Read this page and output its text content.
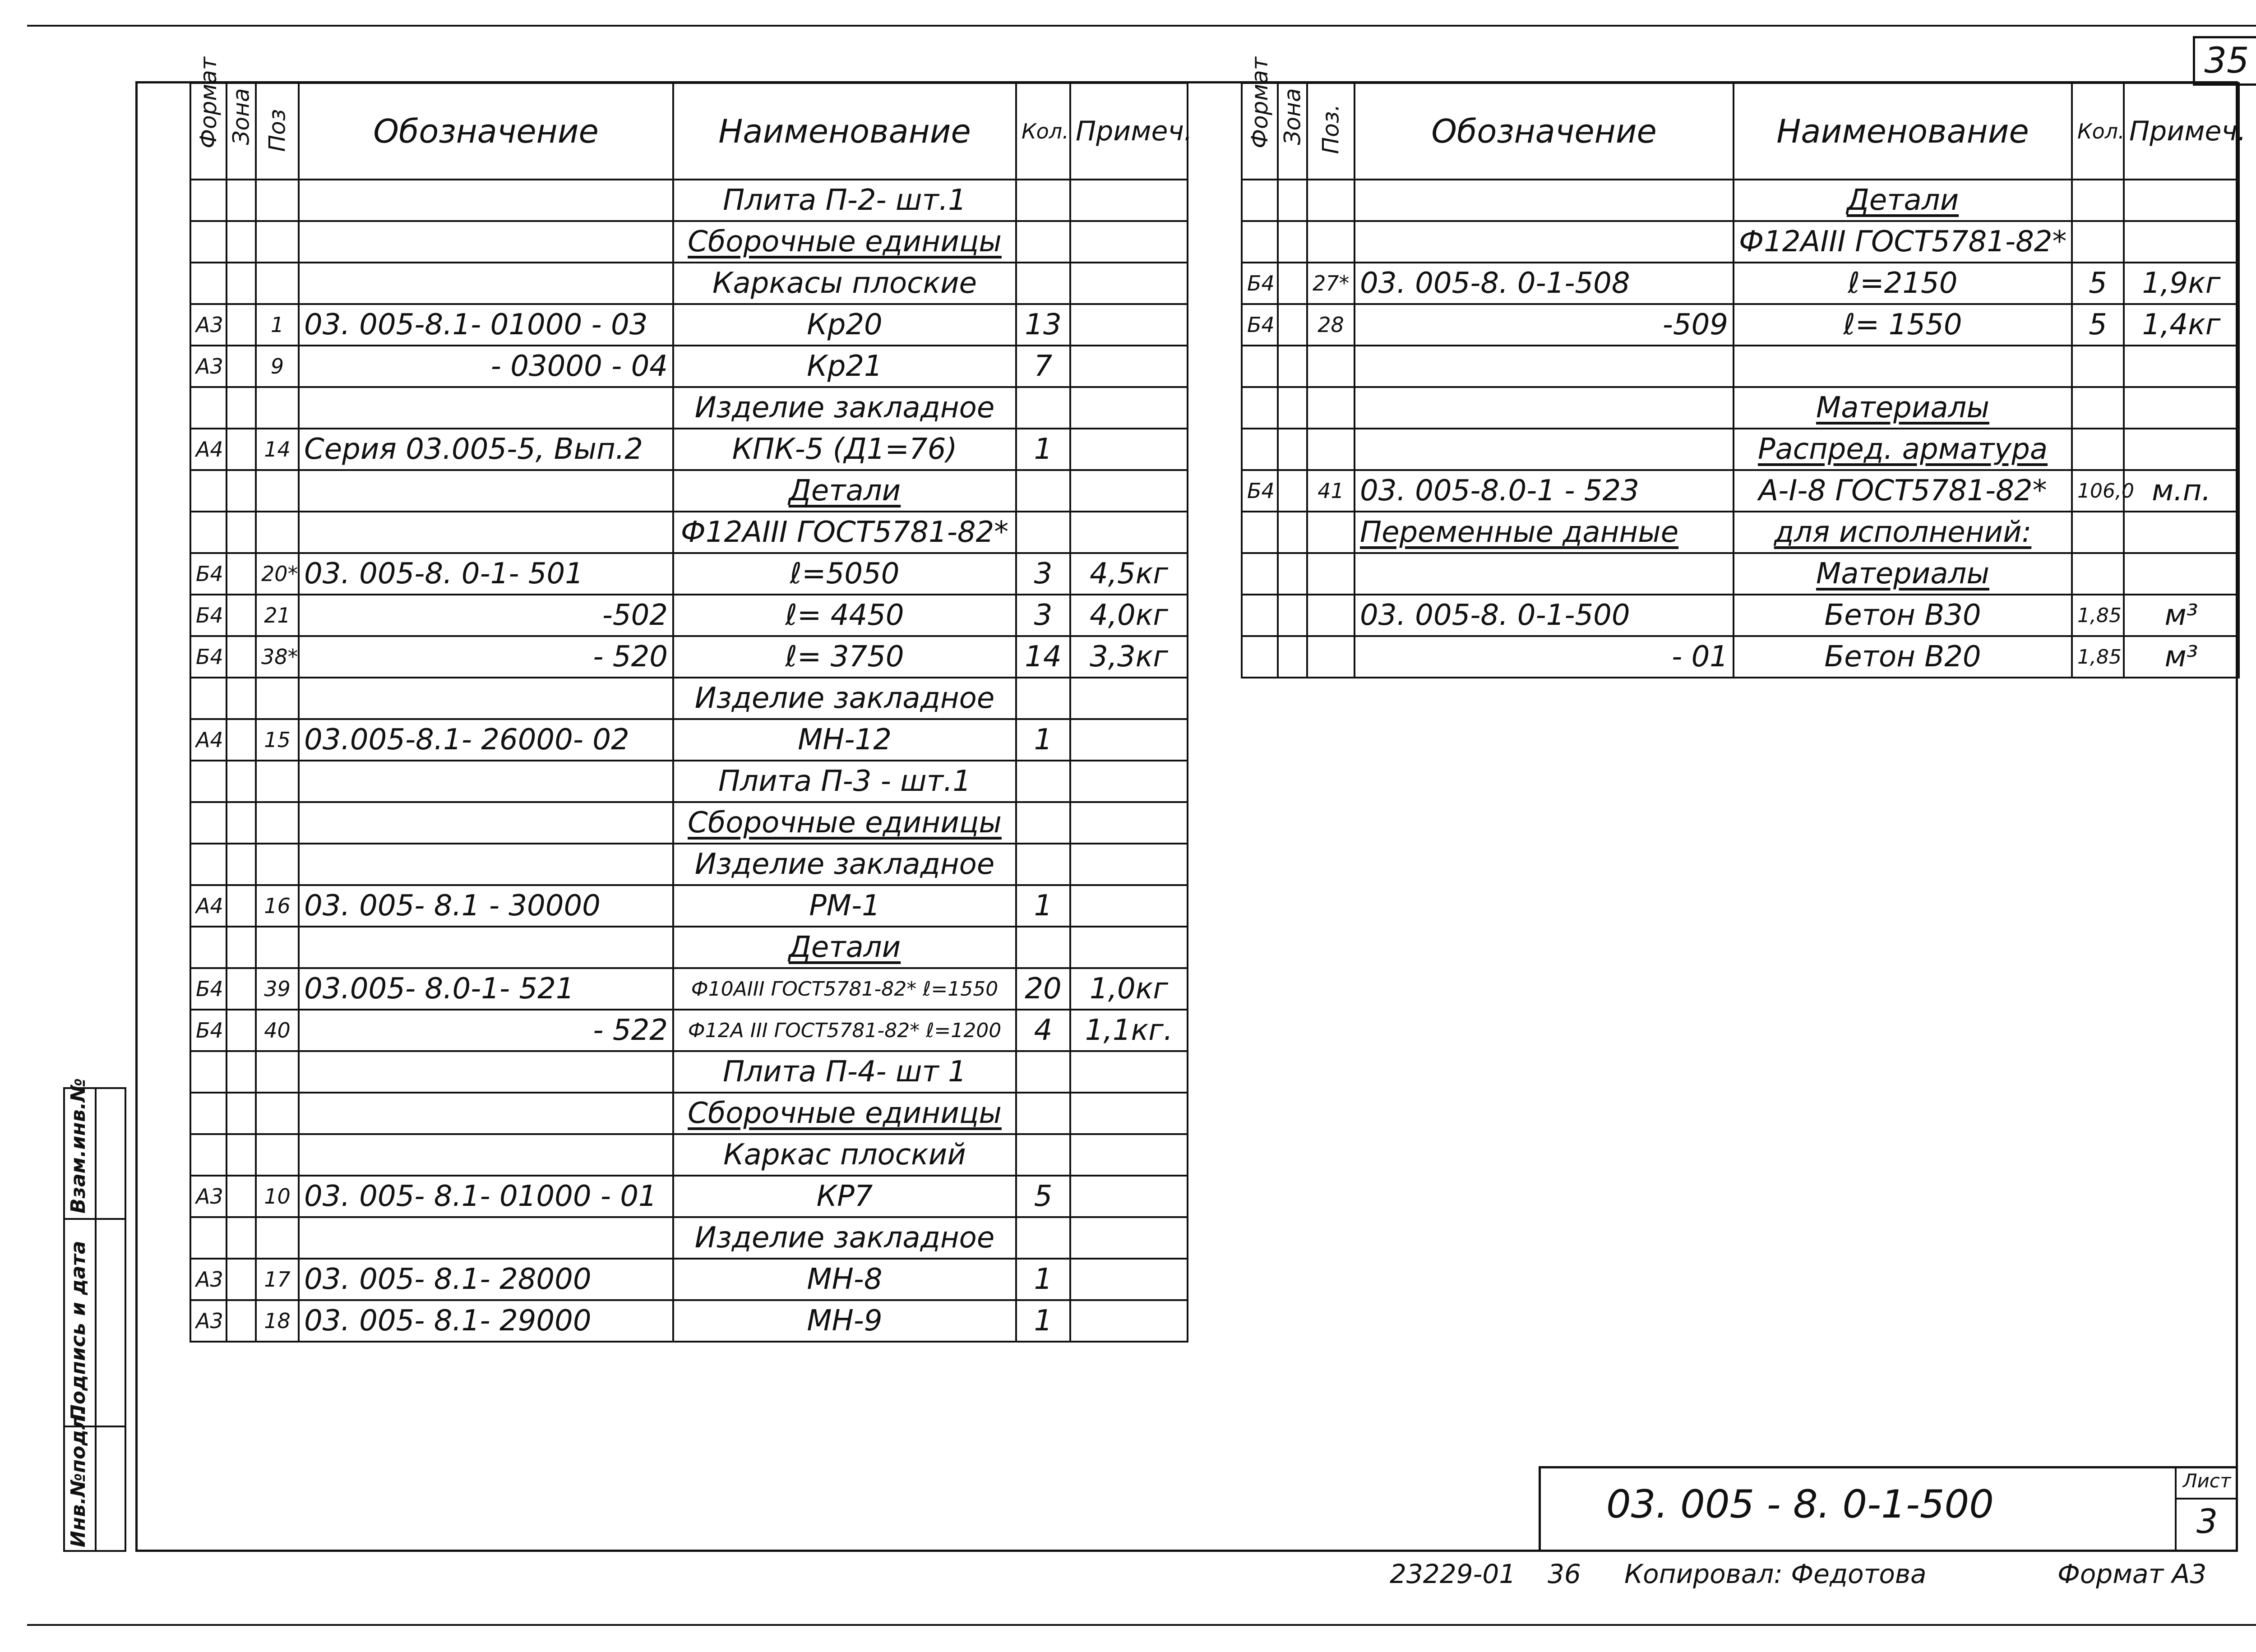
35
Формат	Зона	Поз	Обозначение	Наименование	Кол.	Примеч.
				Плита П-2- шт.1		
				Сборочные единицы		
				Каркасы плоские		
А3		1	03. 005-8.1- 01000 - 03	Кр20	13	
А3		9	- 03000 - 04	Кр21	7	
				Изделие закладное		
А4		14	Серия 03.005-5, Вып.2	КПК-5 (Д1=76)	1	
				Детали		
				Ф12АIII ГОСТ5781-82*		
Б4		20*	03. 005-8. 0-1- 501	ℓ=5050	3	4,5кг
Б4		21	-502	ℓ= 4450	3	4,0кг
Б4		38*	- 520	ℓ= 3750	14	3,3кг
				Изделие закладное		
А4		15	03.005-8.1- 26000- 02	МН-12	1	
				Плита П-3 - шт.1		
				Сборочные единицы		
				Изделие закладное		
А4		16	03. 005- 8.1 - 30000	РМ-1	1	
				Детали		
Б4		39	03.005- 8.0-1- 521	Ф10АIII ГОСТ5781-82* ℓ=1550	20	1,0кг
Б4		40	- 522	Ф12А III ГОСТ5781-82* ℓ=1200	4	1,1кг.
				Плита П-4- шт 1		
				Сборочные единицы		
				Каркас плоский		
А3		10	03. 005- 8.1- 01000 - 01	КР7	5	
				Изделие закладное		
А3		17	03. 005- 8.1- 28000	МН-8	1	
А3		18	03. 005- 8.1- 29000	МН-9	1	
Формат	Зона	Поз.	Обозначение	Наименование	Кол.	Примеч.
				Детали		
				Ф12АIII ГОСТ5781-82*		
Б4		27*	03. 005-8. 0-1-508	ℓ=2150	5	1,9кг
Б4		28	-509	ℓ= 1550	5	1,4кг

				Материалы		
				Распред. арматура		
Б4		41	03. 005-8.0-1 - 523	А-I-8 ГОСТ5781-82*	106,0	м.п.
			Переменные данные	для исполнений:		
				Материалы		
			03. 005-8. 0-1-500	Бетон В30	1,85	м³
			- 01	Бетон В20	1,85	м³
Инв.№подл.
Подпись и дата
Взам.инв.№
03. 005 - 8. 0-1-500
Лист
3
23229-01 36 Копировал: Федотова	Формат А3
